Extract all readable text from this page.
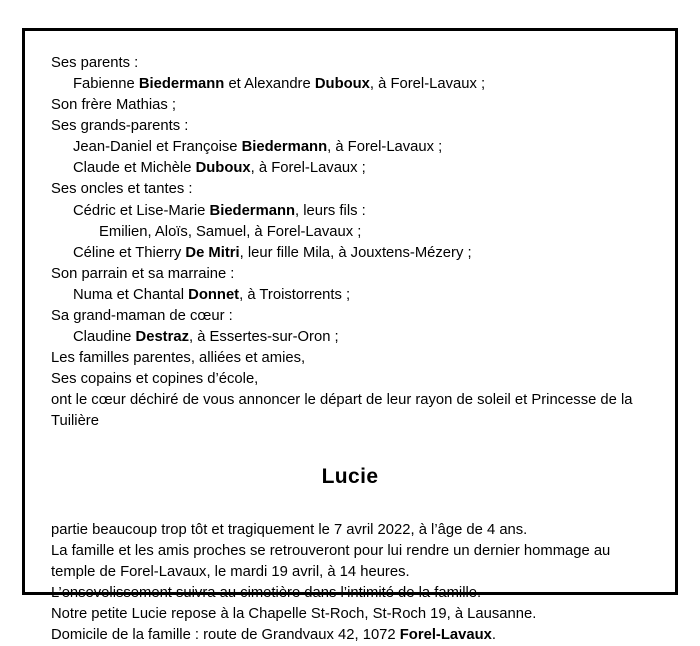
Ses parents :
Fabienne Biedermann et Alexandre Duboux, à Forel-Lavaux ;
Son frère Mathias ;
Ses grands-parents :
Jean-Daniel et Françoise Biedermann, à Forel-Lavaux ;
Claude et Michèle Duboux, à Forel-Lavaux ;
Ses oncles et tantes :
Cédric et Lise-Marie Biedermann, leurs fils :
Emilien, Aloïs, Samuel, à Forel-Lavaux ;
Céline et Thierry De Mitri, leur fille Mila, à Jouxtens-Mézery ;
Son parrain et sa marraine :
Numa et Chantal Donnet, à Troistorrents ;
Sa grand-maman de cœur :
Claudine Destraz, à Essertes-sur-Oron ;
Les familles parentes, alliées et amies,
Ses copains et copines d’école,
ont le cœur déchiré de vous annoncer le départ de leur rayon de soleil et Princesse de la Tuilière
Lucie
partie beaucoup trop tôt et tragiquement le 7 avril 2022, à l’âge de 4 ans.
La famille et les amis proches se retrouveront pour lui rendre un dernier hommage au temple de Forel-Lavaux, le mardi 19 avril, à 14 heures.
L’ensevelissement suivra au cimetière dans l’intimité de la famille.
Notre petite Lucie repose à la Chapelle St-Roch, St-Roch 19, à Lausanne.
Domicile de la famille : route de Grandvaux 42, 1072 Forel-Lavaux.
